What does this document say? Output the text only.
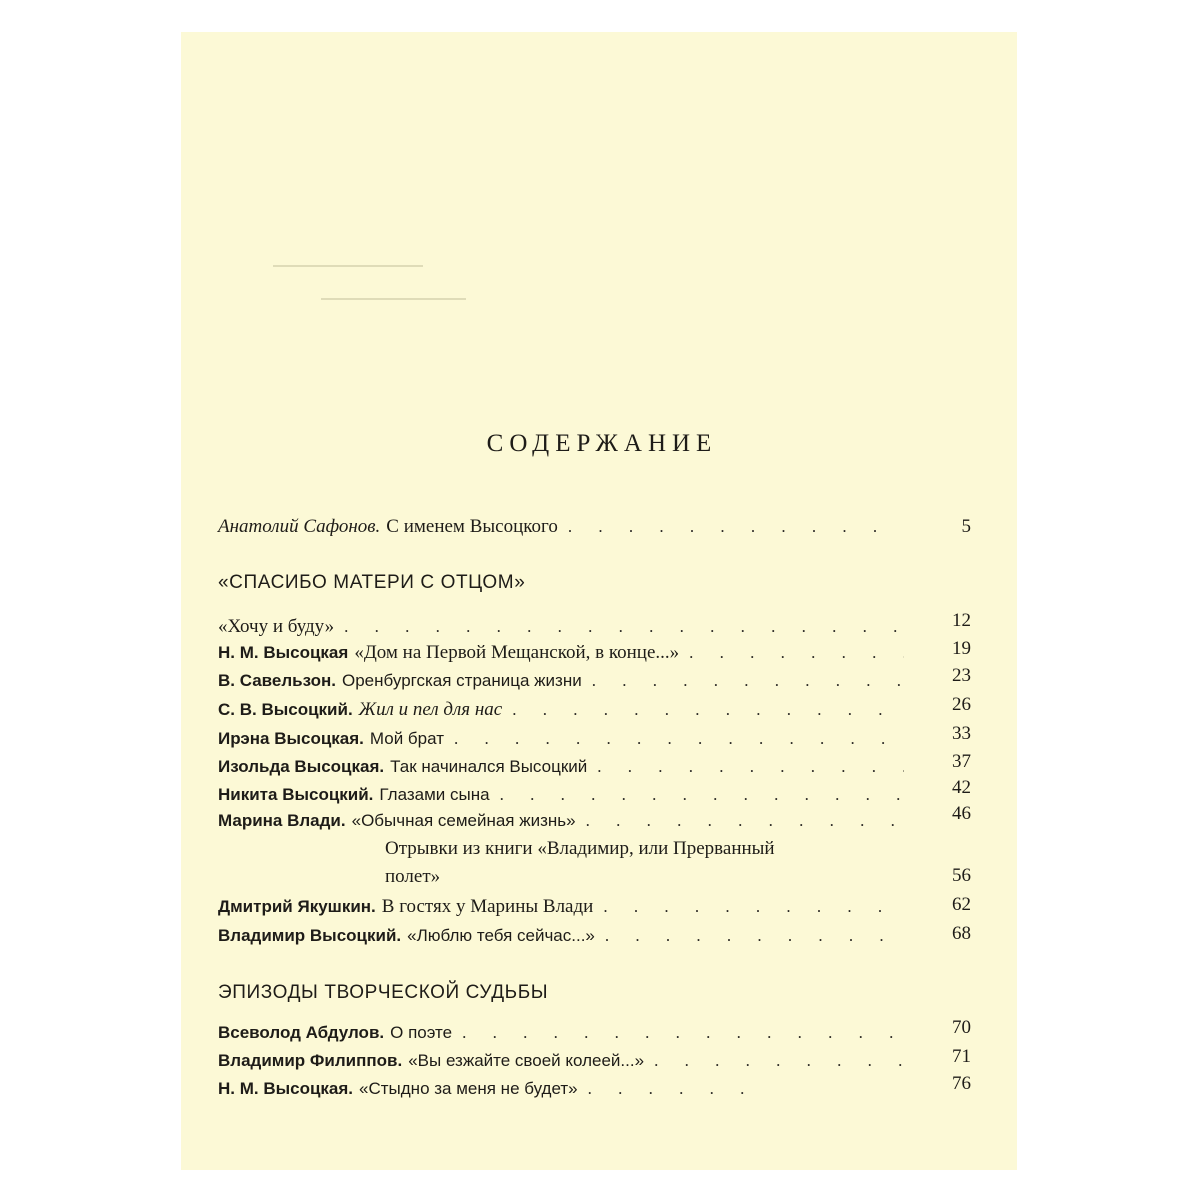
СОДЕРЖАНИЕ
Анатолий Сафонов. С именем Высоцкого . . .	5
«СПАСИБО МАТЕРИ С ОТЦОМ»
«Хочу и буду» . . .	12
Н. М. Высоцкая «Дом на Первой Мещанской, в конце...» . . .	19
В. Савельзон. Оренбургская страница жизни . . .	23
С. В. Высоцкий. Жил и пел для нас . . .	26
Ирэна Высоцкая. Мой брат . . .	33
Изольда Высоцкая. Так начинался Высоцкий . . .	37
Никита Высоцкий. Глазами сына . . .	42
Марина Влади. «Обычная семейная жизнь» . . .	46
Отрывки из книги «Владимир, или Прерванный
полет»	56
Дмитрий Якушкин. В гостях у Марины Влади . . .	62
Владимир Высоцкий. «Люблю тебя сейчас...» . . .	68
ЭПИЗОДЫ ТВОРЧЕСКОЙ СУДЬБЫ
Всеволод Абдулов. О поэте . . .	70
Владимир Филиппов. «Вы езжайте своей колеей...» . . .	71
Н. М. Высоцкая. «Стыдно за меня не будет» . . .	76
